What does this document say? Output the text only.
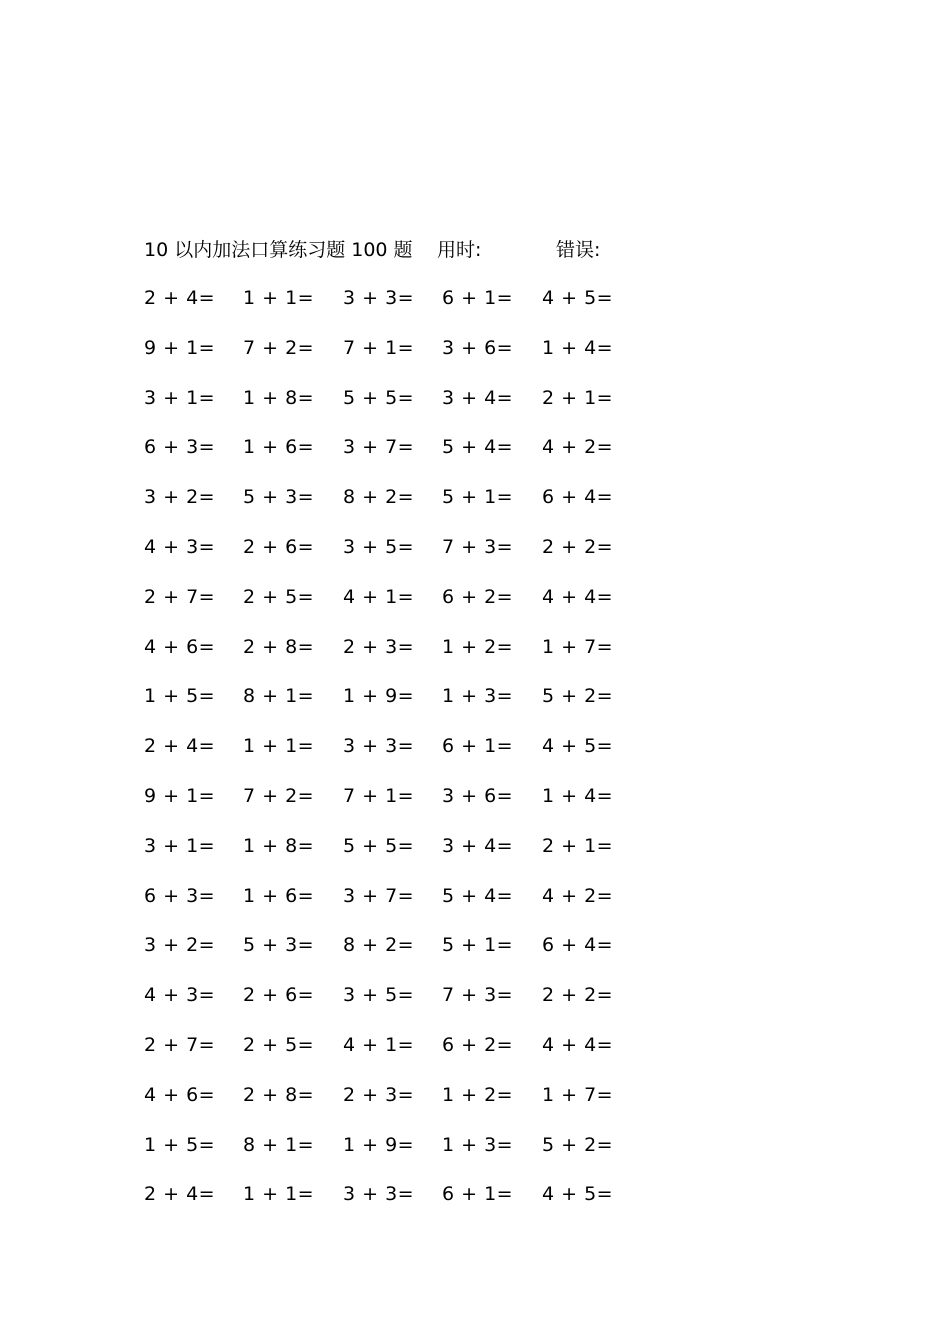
10 以内加法口算练习题 100 题 用时:	错误:
2 + 4= 1 + 1= 3 + 3= 6 + 1= 4 + 5=
9 + 1= 7 + 2= 7 + 1= 3 + 6= 1 + 4=
3 + 1= 1 + 8= 5 + 5= 3 + 4= 2 + 1=
6 + 3= 1 + 6= 3 + 7= 5 + 4= 4 + 2=
3 + 2= 5 + 3= 8 + 2= 5 + 1= 6 + 4=
4 + 3= 2 + 6= 3 + 5= 7 + 3= 2 + 2=
2 + 7= 2 + 5= 4 + 1= 6 + 2= 4 + 4=
4 + 6= 2 + 8= 2 + 3= 1 + 2= 1 + 7=
1 + 5= 8 + 1= 1 + 9= 1 + 3= 5 + 2=
2 + 4= 1 + 1= 3 + 3= 6 + 1= 4 + 5=
9 + 1= 7 + 2= 7 + 1= 3 + 6= 1 + 4=
3 + 1= 1 + 8= 5 + 5= 3 + 4= 2 + 1=
6 + 3= 1 + 6= 3 + 7= 5 + 4= 4 + 2=
3 + 2= 5 + 3= 8 + 2= 5 + 1= 6 + 4=
4 + 3= 2 + 6= 3 + 5= 7 + 3= 2 + 2=
2 + 7= 2 + 5= 4 + 1= 6 + 2= 4 + 4=
4 + 6= 2 + 8= 2 + 3= 1 + 2= 1 + 7=
1 + 5= 8 + 1= 1 + 9= 1 + 3= 5 + 2=
2 + 4= 1 + 1= 3 + 3= 6 + 1= 4 + 5=
